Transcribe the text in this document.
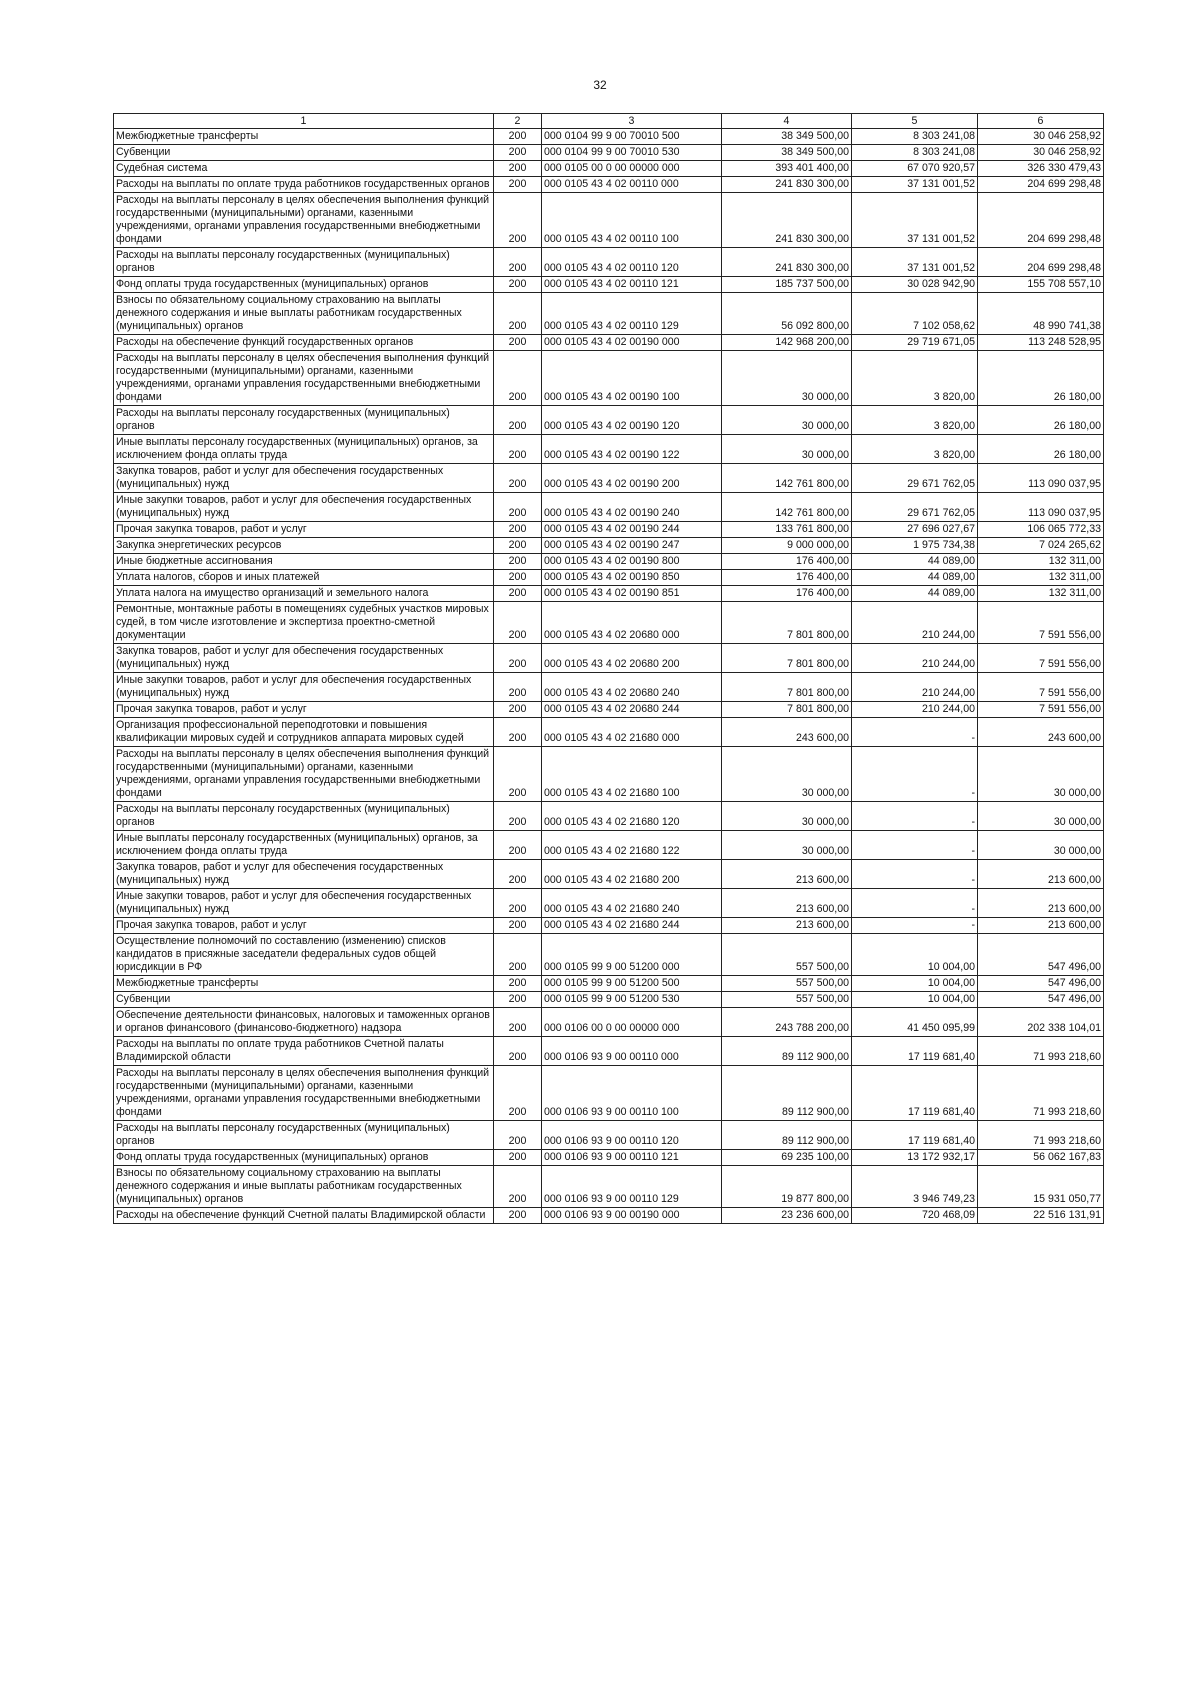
32
1	2	3	4	5	6
Межбюджетные трансферты	200	000 0104 99 9 00 70010 500	38 349 500,00	8 303 241,08	30 046 258,92
Субвенции	200	000 0104 99 9 00 70010 530	38 349 500,00	8 303 241,08	30 046 258,92
Судебная система	200	000 0105 00 0 00 00000 000	393 401 400,00	67 070 920,57	326 330 479,43
Расходы на выплаты по оплате труда работников государственных органов	200	000 0105 43 4 02 00110 000	241 830 300,00	37 131 001,52	204 699 298,48
Расходы на выплаты персоналу в целях обеспечения выполнения функций государственными (муниципальными) органами, казенными учреждениями, органами управления государственными внебюджетными фондами	200	000 0105 43 4 02 00110 100	241 830 300,00	37 131 001,52	204 699 298,48
Расходы на выплаты персоналу государственных (муниципальных) органов	200	000 0105 43 4 02 00110 120	241 830 300,00	37 131 001,52	204 699 298,48
Фонд оплаты труда государственных (муниципальных) органов	200	000 0105 43 4 02 00110 121	185 737 500,00	30 028 942,90	155 708 557,10
Взносы по обязательному социальному страхованию на выплаты денежного содержания и иные выплаты работникам государственных (муниципальных) органов	200	000 0105 43 4 02 00110 129	56 092 800,00	7 102 058,62	48 990 741,38
Расходы на обеспечение функций государственных органов	200	000 0105 43 4 02 00190 000	142 968 200,00	29 719 671,05	113 248 528,95
Расходы на выплаты персоналу в целях обеспечения выполнения функций государственными (муниципальными) органами, казенными учреждениями, органами управления государственными внебюджетными фондами	200	000 0105 43 4 02 00190 100	30 000,00	3 820,00	26 180,00
Расходы на выплаты персоналу государственных (муниципальных) органов	200	000 0105 43 4 02 00190 120	30 000,00	3 820,00	26 180,00
Иные выплаты персоналу государственных (муниципальных) органов, за исключением фонда оплаты труда	200	000 0105 43 4 02 00190 122	30 000,00	3 820,00	26 180,00
Закупка товаров, работ и услуг для обеспечения государственных (муниципальных) нужд	200	000 0105 43 4 02 00190 200	142 761 800,00	29 671 762,05	113 090 037,95
Иные закупки товаров, работ и услуг для обеспечения государственных (муниципальных) нужд	200	000 0105 43 4 02 00190 240	142 761 800,00	29 671 762,05	113 090 037,95
Прочая закупка товаров, работ и услуг	200	000 0105 43 4 02 00190 244	133 761 800,00	27 696 027,67	106 065 772,33
Закупка энергетических ресурсов	200	000 0105 43 4 02 00190 247	9 000 000,00	1 975 734,38	7 024 265,62
Иные бюджетные ассигнования	200	000 0105 43 4 02 00190 800	176 400,00	44 089,00	132 311,00
Уплата налогов, сборов и иных платежей	200	000 0105 43 4 02 00190 850	176 400,00	44 089,00	132 311,00
Уплата налога на имущество организаций и земельного налога	200	000 0105 43 4 02 00190 851	176 400,00	44 089,00	132 311,00
Ремонтные, монтажные работы в помещениях судебных участков мировых судей, в том числе изготовление и экспертиза проектно-сметной документации	200	000 0105 43 4 02 20680 000	7 801 800,00	210 244,00	7 591 556,00
Закупка товаров, работ и услуг для обеспечения государственных (муниципальных) нужд	200	000 0105 43 4 02 20680 200	7 801 800,00	210 244,00	7 591 556,00
Иные закупки товаров, работ и услуг для обеспечения государственных (муниципальных) нужд	200	000 0105 43 4 02 20680 240	7 801 800,00	210 244,00	7 591 556,00
Прочая закупка товаров, работ и услуг	200	000 0105 43 4 02 20680 244	7 801 800,00	210 244,00	7 591 556,00
Организация профессиональной переподготовки и повышения квалификации мировых судей и сотрудников аппарата мировых судей	200	000 0105 43 4 02 21680 000	243 600,00	-	243 600,00
Расходы на выплаты персоналу в целях обеспечения выполнения функций государственными (муниципальными) органами, казенными учреждениями, органами управления государственными внебюджетными фондами	200	000 0105 43 4 02 21680 100	30 000,00	-	30 000,00
Расходы на выплаты персоналу государственных (муниципальных) органов	200	000 0105 43 4 02 21680 120	30 000,00	-	30 000,00
Иные выплаты персоналу государственных (муниципальных) органов, за исключением фонда оплаты труда	200	000 0105 43 4 02 21680 122	30 000,00	-	30 000,00
Закупка товаров, работ и услуг для обеспечения государственных (муниципальных) нужд	200	000 0105 43 4 02 21680 200	213 600,00	-	213 600,00
Иные закупки товаров, работ и услуг для обеспечения государственных (муниципальных) нужд	200	000 0105 43 4 02 21680 240	213 600,00	-	213 600,00
Прочая закупка товаров, работ и услуг	200	000 0105 43 4 02 21680 244	213 600,00	-	213 600,00
Осуществление полномочий по составлению (изменению) списков кандидатов в присяжные заседатели федеральных судов общей юрисдикции в РФ	200	000 0105 99 9 00 51200 000	557 500,00	10 004,00	547 496,00
Межбюджетные трансферты	200	000 0105 99 9 00 51200 500	557 500,00	10 004,00	547 496,00
Субвенции	200	000 0105 99 9 00 51200 530	557 500,00	10 004,00	547 496,00
Обеспечение деятельности финансовых, налоговых и таможенных органов и органов финансового (финансово-бюджетного) надзора	200	000 0106 00 0 00 00000 000	243 788 200,00	41 450 095,99	202 338 104,01
Расходы на выплаты по оплате труда работников Счетной палаты Владимирской области	200	000 0106 93 9 00 00110 000	89 112 900,00	17 119 681,40	71 993 218,60
Расходы на выплаты персоналу в целях обеспечения выполнения функций государственными (муниципальными) органами, казенными учреждениями, органами управления государственными внебюджетными фондами	200	000 0106 93 9 00 00110 100	89 112 900,00	17 119 681,40	71 993 218,60
Расходы на выплаты персоналу государственных (муниципальных) органов	200	000 0106 93 9 00 00110 120	89 112 900,00	17 119 681,40	71 993 218,60
Фонд оплаты труда государственных (муниципальных) органов	200	000 0106 93 9 00 00110 121	69 235 100,00	13 172 932,17	56 062 167,83
Взносы по обязательному социальному страхованию на выплаты денежного содержания и иные выплаты работникам государственных (муниципальных) органов	200	000 0106 93 9 00 00110 129	19 877 800,00	3 946 749,23	15 931 050,77
Расходы на обеспечение функций Счетной палаты Владимирской области	200	000 0106 93 9 00 00190 000	23 236 600,00	720 468,09	22 516 131,91
